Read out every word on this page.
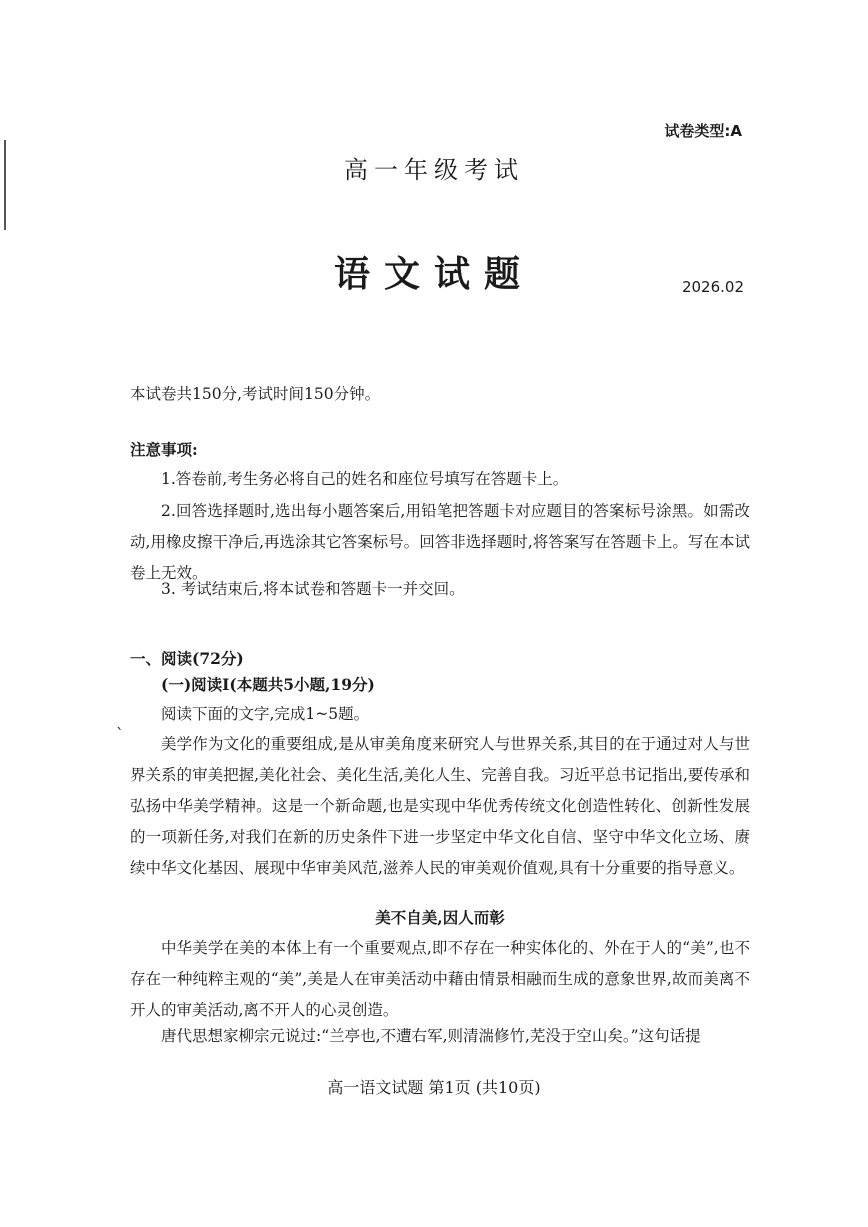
试卷类型:A

高一年级考试
语文试题	2026.02

本试卷共150分,考试时间150分钟。

注意事项:

1.答卷前,考生务必将自己的姓名和座位号填写在答题卡上。

2.回答选择题时,选出每小题答案后,用铅笔把答题卡对应题目的答案标号涂黑。如需改动,用橡皮擦干净后,再选涂其它答案标号。回答非选择题时,将答案写在答题卡上。写在本试卷上无效。

3. 考试结束后,将本试卷和答题卡一并交回。

一、阅读(72分)

(一)阅读Ⅰ(本题共5小题,19分)

阅读下面的文字,完成1~5题。

美学作为文化的重要组成,是从审美角度来研究人与世界关系,其目的在于通过对人与世界关系的审美把握,美化社会、美化生活,美化人生、完善自我。习近平总书记指出,要传承和弘扬中华美学精神。这是一个新命题,也是实现中华优秀传统文化创造性转化、创新性发展的一项新任务,对我们在新的历史条件下进一步坚定中华文化自信、坚守中华文化立场、赓续中华文化基因、展现中华审美风范,滋养人民的审美观价值观,具有十分重要的指导意义。

美不自美,因人而彰

中华美学在美的本体上有一个重要观点,即不存在一种实体化的、外在于人的“美”,也不存在一种纯粹主观的“美”,美是人在审美活动中藉由情景相融而生成的意象世界,故而美离不开人的审美活动,离不开人的心灵创造。

唐代思想家柳宗元说过:“兰亭也,不遭右军,则清湍修竹,芜没于空山矣。”这句话提

ˋ

高一语文试题 第1页 (共10页)
